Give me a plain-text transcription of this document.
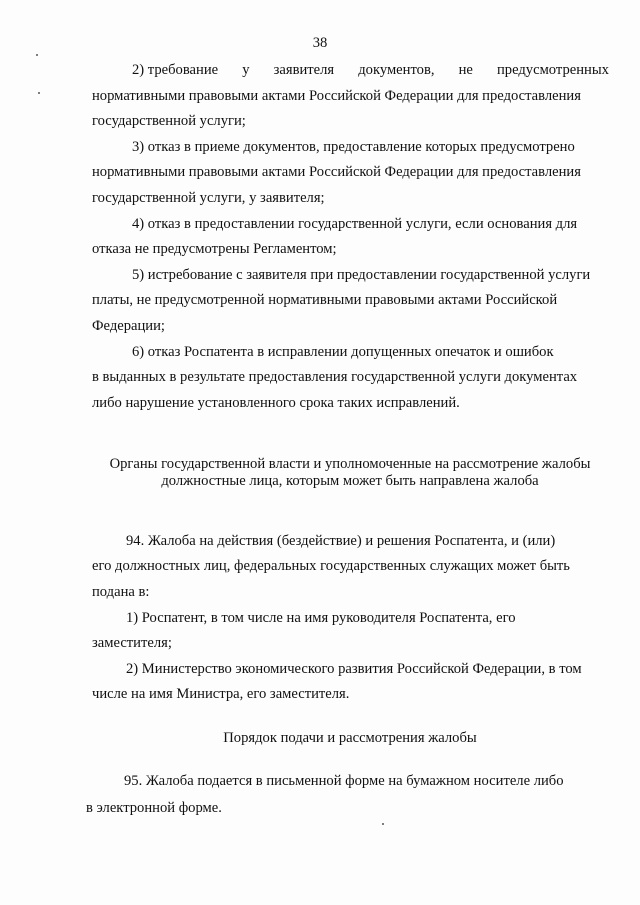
38
2) требование у заявителя документов, не предусмотренных
нормативными правовыми актами Российской Федерации для предоставления
государственной услуги;
3) отказ в приеме документов, предоставление которых предусмотрено
нормативными правовыми актами Российской Федерации для предоставления
государственной услуги, у заявителя;
4) отказ в предоставлении государственной услуги, если основания для
отказа не предусмотрены Регламентом;
5) истребование с заявителя при предоставлении государственной услуги
платы, не предусмотренной нормативными правовыми актами Российской
Федерации;
6) отказ Роспатента в исправлении допущенных опечаток и ошибок
в выданных в результате предоставления государственной услуги документах
либо нарушение установленного срока таких исправлений.
Органы государственной власти и уполномоченные на рассмотрение жалобы
должностные лица, которым может быть направлена жалоба
94. Жалоба на действия (бездействие) и решения Роспатента, и (или)
его должностных лиц, федеральных государственных служащих может быть
подана в:
1) Роспатент, в том числе на имя руководителя Роспатента, его
заместителя;
2) Министерство экономического развития Российской Федерации, в том
числе на имя Министра, его заместителя.
Порядок подачи и рассмотрения жалобы
95. Жалоба подается в письменной форме на бумажном носителе либо
в электронной форме.
